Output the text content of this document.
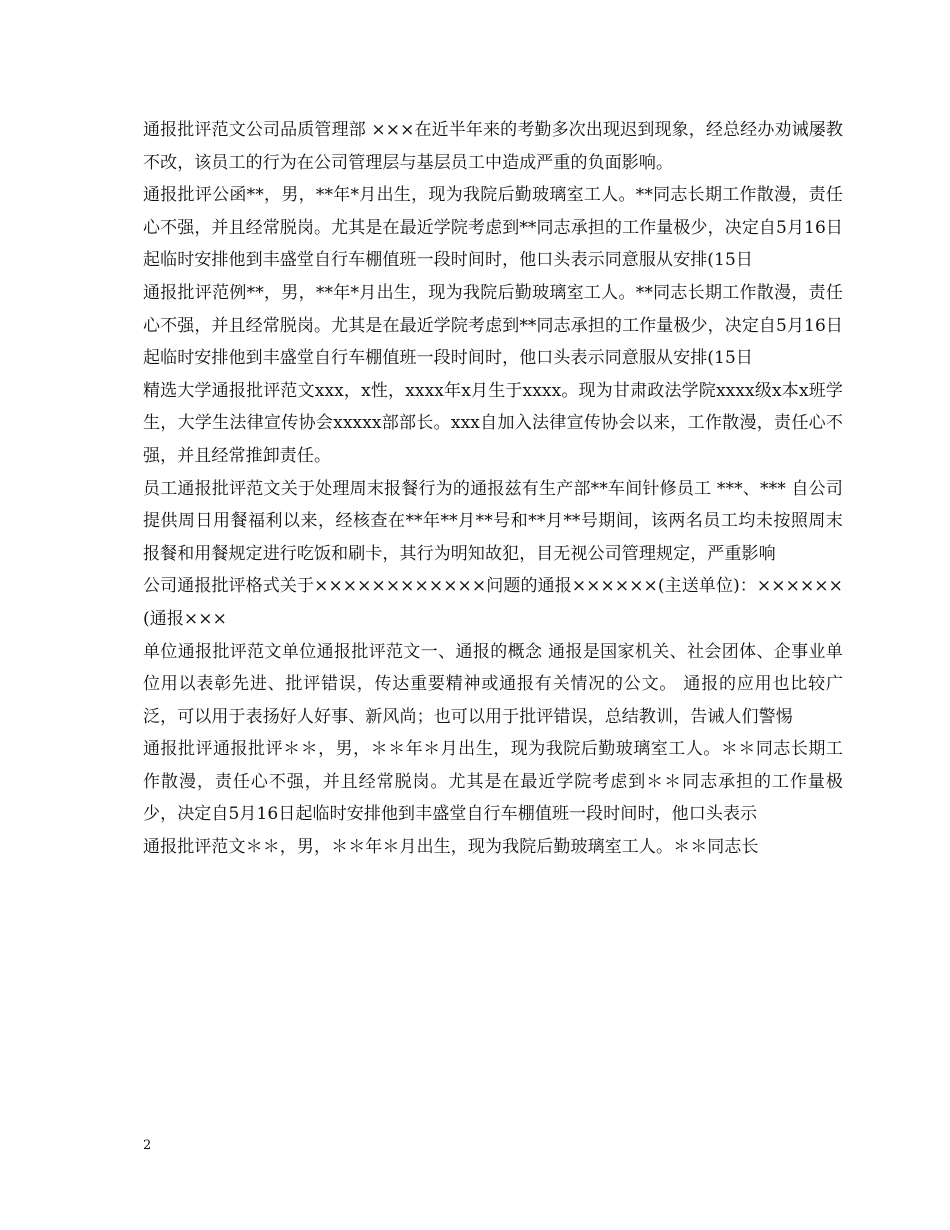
通报批评范文公司品质管理部 ×××在近半年来的考勤多次出现迟到现象，经总经办劝诫屡教不改，该员工的行为在公司管理层与基层员工中造成严重的负面影响。

通报批评公函**，男，**年*月出生，现为我院后勤玻璃室工人。**同志长期工作散漫，责任心不强，并且经常脱岗。尤其是在最近学院考虑到**同志承担的工作量极少，决定自5月16日起临时安排他到丰盛堂自行车棚值班一段时间时，他口头表示同意服从安排(15日

通报批评范例**，男，**年*月出生，现为我院后勤玻璃室工人。**同志长期工作散漫，责任心不强，并且经常脱岗。尤其是在最近学院考虑到**同志承担的工作量极少，决定自5月16日起临时安排他到丰盛堂自行车棚值班一段时间时，他口头表示同意服从安排(15日

精选大学通报批评范文xxx，x性，xxxx年x月生于xxxx。现为甘肃政法学院xxxx级x本x班学生，大学生法律宣传协会xxxxx部部长。xxx自加入法律宣传协会以来，工作散漫，责任心不强，并且经常推卸责任。

员工通报批评范文关于处理周末报餐行为的通报兹有生产部**车间针修员工 ***、*** 自公司提供周日用餐福利以来，经核查在**年**月**号和**月**号期间，该两名员工均未按照周末报餐和用餐规定进行吃饭和刷卡，其行为明知故犯，目无视公司管理规定，严重影响

公司通报批评格式关于××××××××××××问题的通报××××××(主送单位)：××××××(通报×××

单位通报批评范文单位通报批评范文一、通报的概念 通报是国家机关、社会团体、企事业单位用以表彰先进、批评错误，传达重要精神或通报有关情况的公文。 通报的应用也比较广泛，可以用于表扬好人好事、新风尚；也可以用于批评错误，总结教训，告诫人们警惕

通报批评通报批评＊＊，男，＊＊年＊月出生，现为我院后勤玻璃室工人。＊＊同志长期工作散漫，责任心不强，并且经常脱岗。尤其是在最近学院考虑到＊＊同志承担的工作量极少，决定自5月16日起临时安排他到丰盛堂自行车棚值班一段时间时，他口头表示

通报批评范文＊＊，男，＊＊年＊月出生，现为我院后勤玻璃室工人。＊＊同志长

2
